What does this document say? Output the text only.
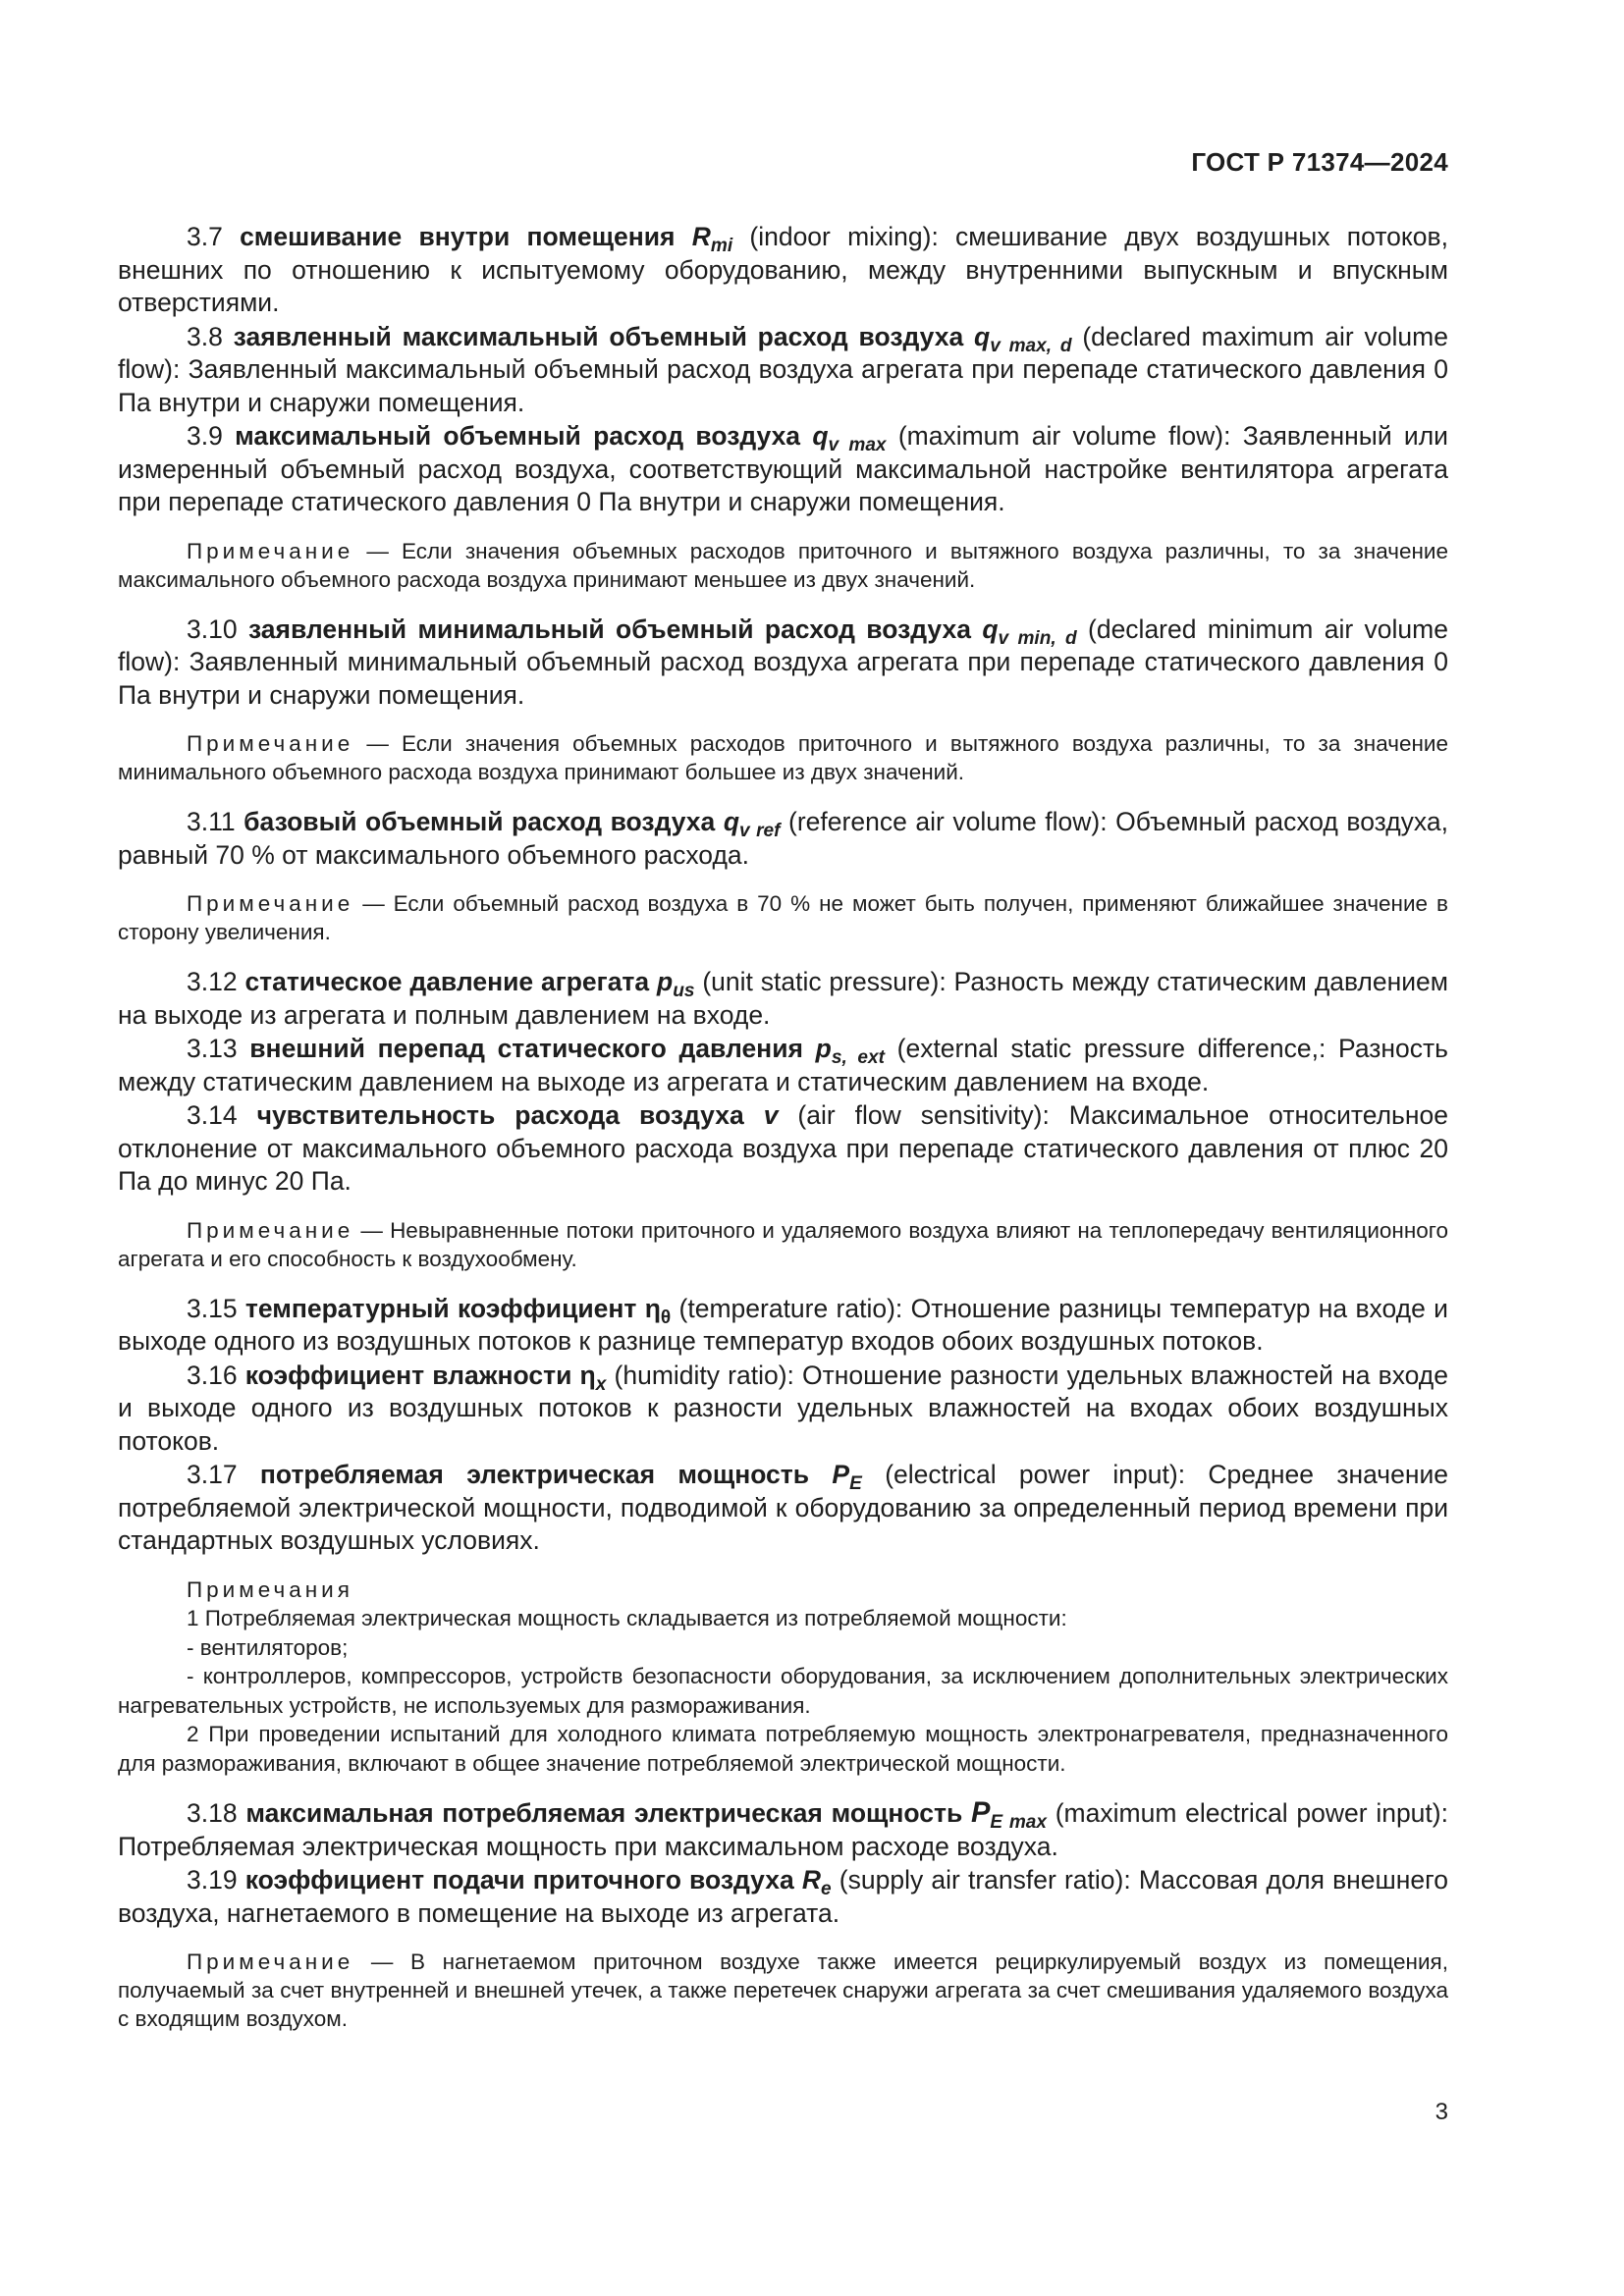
ГОСТ Р 71374—2024

3.7 смешивание внутри помещения $R_{mi}$ (indoor mixing): смешивание двух воздушных потоков, внешних по отношению к испытуемому оборудованию, между внутренними выпускным и впускным отверстиями.

3.8 заявленный максимальный объемный расход воздуха $q_{v max, d}$ (declared maximum air volume flow): Заявленный максимальный объемный расход воздуха агрегата при перепаде статического давления 0 Па внутри и снаружи помещения.

3.9 максимальный объемный расход воздуха $q_{v max}$ (maximum air volume flow): Заявленный или измеренный объемный расход воздуха, соответствующий максимальной настройке вентилятора агрегата при перепаде статического давления 0 Па внутри и снаружи помещения.

Примечание — Если значения объемных расходов приточного и вытяжного воздуха различны, то за значение максимального объемного расхода воздуха принимают меньшее из двух значений.

3.10 заявленный минимальный объемный расход воздуха $q_{v min, d}$ (declared minimum air volume flow): Заявленный минимальный объемный расход воздуха агрегата при перепаде статического давления 0 Па внутри и снаружи помещения.

Примечание — Если значения объемных расходов приточного и вытяжного воздуха различны, то за значение минимального объемного расхода воздуха принимают большее из двух значений.

3.11 базовый объемный расход воздуха $q_{v ref}$ (reference air volume flow): Объемный расход воздуха, равный 70 % от максимального объемного расхода.

Примечание — Если объемный расход воздуха в 70 % не может быть получен, применяют ближайшее значение в сторону увеличения.

3.12 статическое давление агрегата $p_{us}$ (unit static pressure): Разность между статическим давлением на выходе из агрегата и полным давлением на входе.

3.13 внешний перепад статического давления $p_{s, ext}$ (external static pressure difference,: Разность между статическим давлением на выходе из агрегата и статическим давлением на входе.

3.14 чувствительность расхода воздуха v (air flow sensitivity): Максимальное относительное отклонение от максимального объемного расхода воздуха при перепаде статического давления от плюс 20 Па до минус 20 Па.

Примечание — Невыравненные потоки приточного и удаляемого воздуха влияют на теплопередачу вентиляционного агрегата и его способность к воздухообмену.

3.15 температурный коэффициент $\eta_\theta$ (temperature ratio): Отношение разницы температур на входе и выходе одного из воздушных потоков к разнице температур входов обоих воздушных потоков.

3.16 коэффициент влажности $\eta_x$ (humidity ratio): Отношение разности удельных влажностей на входе и выходе одного из воздушных потоков к разности удельных влажностей на входах обоих воздушных потоков.

3.17 потребляемая электрическая мощность $P_E$ (electrical power input): Среднее значение потребляемой электрической мощности, подводимой к оборудованию за определенный период времени при стандартных воздушных условиях.

Примечания
1 Потребляемая электрическая мощность складывается из потребляемой мощности:
- вентиляторов;
- контроллеров, компрессоров, устройств безопасности оборудования, за исключением дополнительных электрических нагревательных устройств, не используемых для размораживания.
2 При проведении испытаний для холодного климата потребляемую мощность электронагревателя, предназначенного для размораживания, включают в общее значение потребляемой электрической мощности.

3.18 максимальная потребляемая электрическая мощность $P_{E max}$ (maximum electrical power input): Потребляемая электрическая мощность при максимальном расходе воздуха.

3.19 коэффициент подачи приточного воздуха $R_e$ (supply air transfer ratio): Массовая доля внешнего воздуха, нагнетаемого в помещение на выходе из агрегата.

Примечание — В нагнетаемом приточном воздухе также имеется рециркулируемый воздух из помещения, получаемый за счет внутренней и внешней утечек, а также перетечек снаружи агрегата за счет смешивания удаляемого воздуха с входящим воздухом.

3
